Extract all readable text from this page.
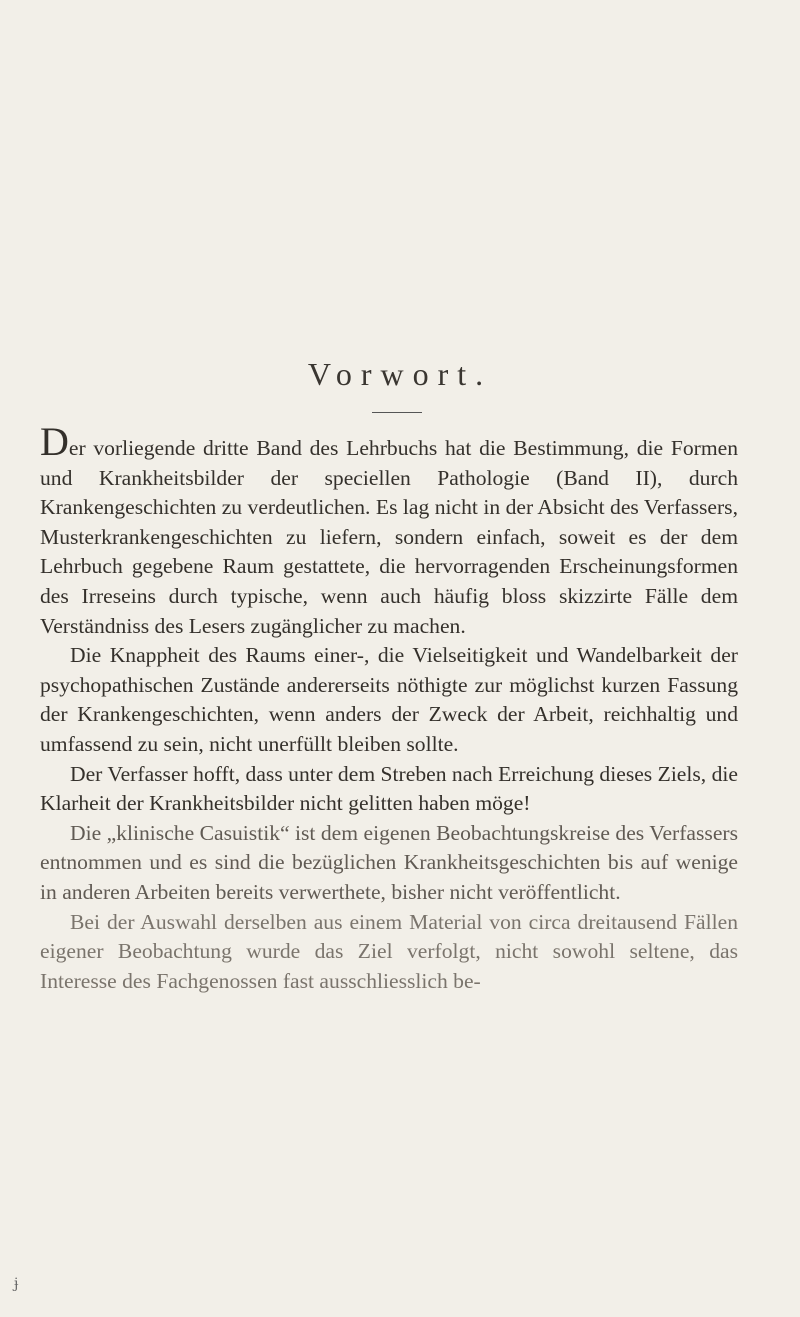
Vorwort.

Der vorliegende dritte Band des Lehrbuchs hat die Bestimmung, die Formen und Krankheitsbilder der speciellen Pathologie (Band II), durch Krankengeschichten zu verdeutlichen. Es lag nicht in der Absicht des Verfassers, Musterkrankengeschichten zu liefern, sondern einfach, soweit es der dem Lehrbuch gegebene Raum gestattete, die hervorragenden Erscheinungsformen des Irreseins durch typische, wenn auch häufig bloss skizzirte Fälle dem Verständniss des Lesers zugänglicher zu machen.

Die Knappheit des Raums einer-, die Vielseitigkeit und Wandelbarkeit der psychopathischen Zustände andererseits nöthigte zur möglichst kurzen Fassung der Krankengeschichten, wenn anders der Zweck der Arbeit, reichhaltig und umfassend zu sein, nicht unerfüllt bleiben sollte.

Der Verfasser hofft, dass unter dem Streben nach Erreichung dieses Ziels, die Klarheit der Krankheitsbilder nicht gelitten haben möge!

Die „klinische Casuistik“ ist dem eigenen Beobachtungskreise des Verfassers entnommen und es sind die bezüglichen Krankheitsgeschichten bis auf wenige in anderen Arbeiten bereits verwerthete, bisher nicht veröffentlicht.

Bei der Auswahl derselben aus einem Material von circa dreitausend Fällen eigener Beobachtung wurde das Ziel verfolgt, nicht sowohl seltene, das Interesse des Fachgenossen fast ausschliesslich be-

ɉ
